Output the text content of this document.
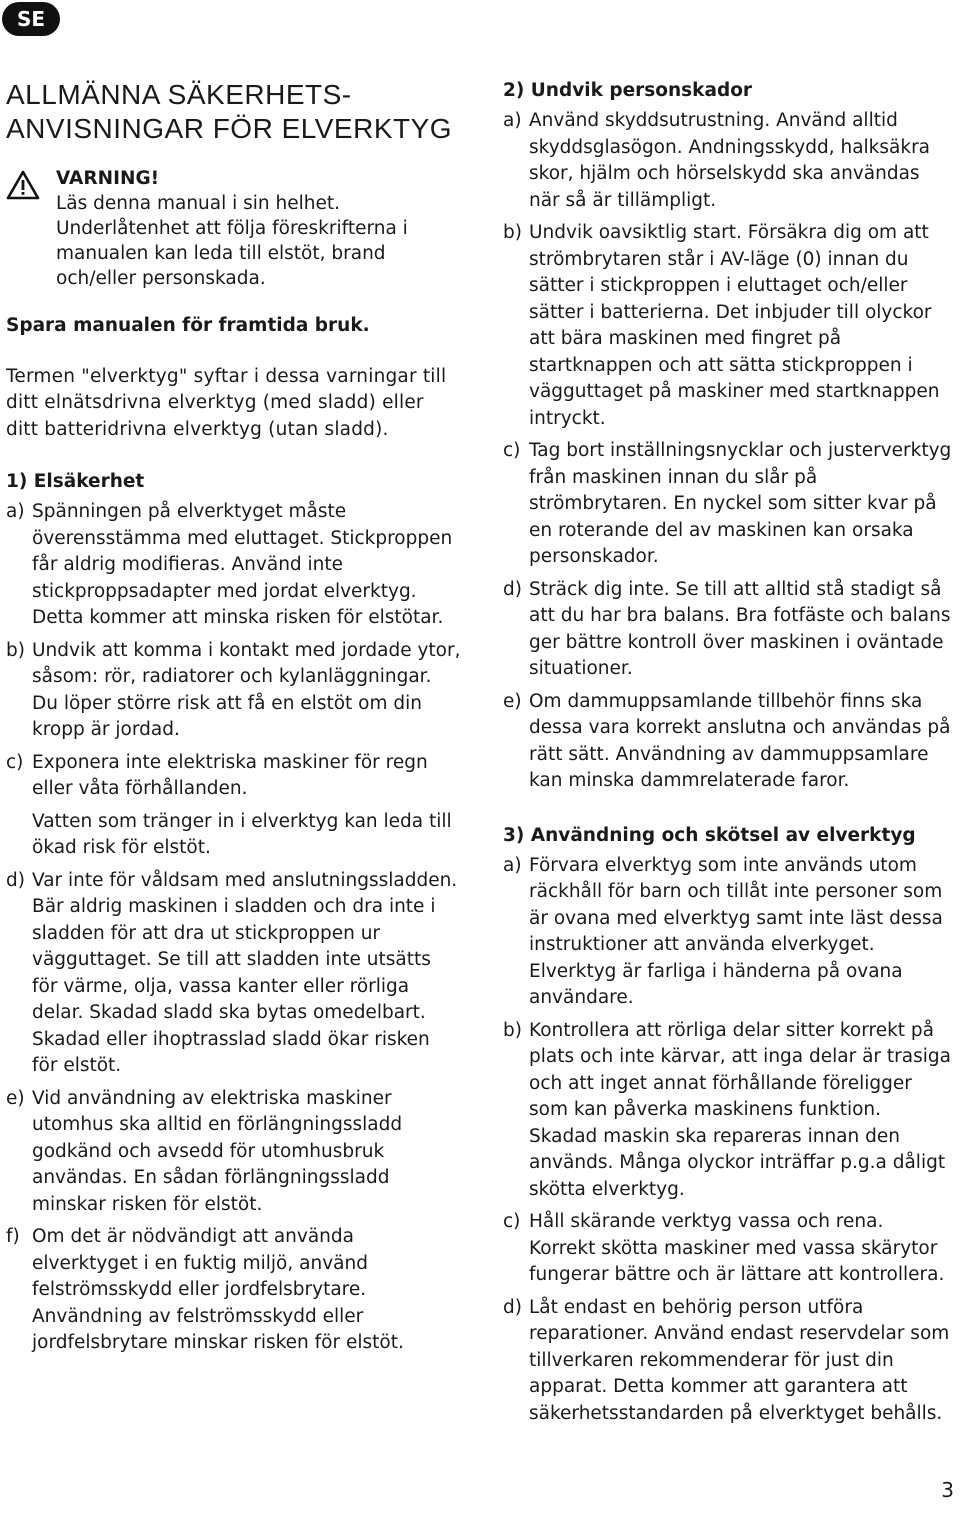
SE
ALLMÄNNA SÄKERHETS-
ANVISNINGAR FÖR ELVERKTYG
VARNING!
Läs denna manual i sin helhet. Underlåtenhet att följa föreskrifterna i manualen kan leda till elstöt, brand och/eller personskada.

Spara manualen för framtida bruk.

Termen "elverktyg" syftar i dessa varningar till ditt elnätsdrivna elverktyg (med sladd) eller ditt batteridrivna elverktyg (utan sladd).

1) Elsäkerhet
a) Spänningen på elverktyget måste överensstämma med eluttaget. Stickproppen får aldrig modifieras. Använd inte stickproppsadapter med jordat elverktyg. Detta kommer att minska risken för elstötar.
b) Undvik att komma i kontakt med jordade ytor, såsom: rör, radiatorer och kylanläggningar. Du löper större risk att få en elstöt om din kropp är jordad.
c) Exponera inte elektriska maskiner för regn eller våta förhållanden.
Vatten som tränger in i elverktyg kan leda till ökad risk för elstöt.
d) Var inte för våldsam med anslutningssladden. Bär aldrig maskinen i sladden och dra inte i sladden för att dra ut stickproppen ur vägguttaget. Se till att sladden inte utsätts för värme, olja, vassa kanter eller rörliga delar. Skadad sladd ska bytas omedelbart. Skadad eller ihoptrasslad sladd ökar risken för elstöt.
e) Vid användning av elektriska maskiner utomhus ska alltid en förlängningssladd godkänd och avsedd för utomhusbruk användas. En sådan förlängningssladd minskar risken för elstöt.
f) Om det är nödvändigt att använda elverktyget i en fuktig miljö, använd felströmsskydd eller jordfelsbrytare. Användning av felströmsskydd eller jordfelsbrytare minskar risken för elstöt.
2) Undvik personskador
a) Använd skyddsutrustning. Använd alltid skyddsglasögon. Andningsskydd, halksäkra skor, hjälm och hörselskydd ska användas när så är tillämpligt.
b) Undvik oavsiktlig start. Försäkra dig om att strömbrytaren står i AV-läge (0) innan du sätter i stickproppen i eluttaget och/eller sätter i batterierna. Det inbjuder till olyckor att bära maskinen med fingret på startknappen och att sätta stickproppen i vägguttaget på maskiner med startknappen intryckt.
c) Tag bort inställningsnycklar och justerverktyg från maskinen innan du slår på strömbrytaren. En nyckel som sitter kvar på en roterande del av maskinen kan orsaka personskador.
d) Sträck dig inte. Se till att alltid stå stadigt så att du har bra balans. Bra fotfäste och balans ger bättre kontroll över maskinen i oväntade situationer.
e) Om dammuppsamlande tillbehör finns ska dessa vara korrekt anslutna och användas på rätt sätt. Användning av dammuppsamlare kan minska dammrelaterade faror.
3) Användning och skötsel av elverktyg
a) Förvara elverktyg som inte används utom räckhåll för barn och tillåt inte personer som är ovana med elverktyg samt inte läst dessa instruktioner att använda elverkyget. Elverktyg är farliga i händerna på ovana användare.
b) Kontrollera att rörliga delar sitter korrekt på plats och inte kärvar, att inga delar är trasiga och att inget annat förhållande föreligger som kan påverka maskinens funktion. Skadad maskin ska repareras innan den används. Många olyckor inträffar p.g.a dåligt skötta elverktyg.
c) Håll skärande verktyg vassa och rena. Korrekt skötta maskiner med vassa skärytor fungerar bättre och är lättare att kontrollera.
d) Låt endast en behörig person utföra reparationer. Använd endast reservdelar som tillverkaren rekommenderar för just din apparat. Detta kommer att garantera att säkerhetsstandarden på elverktyget behålls.
3
